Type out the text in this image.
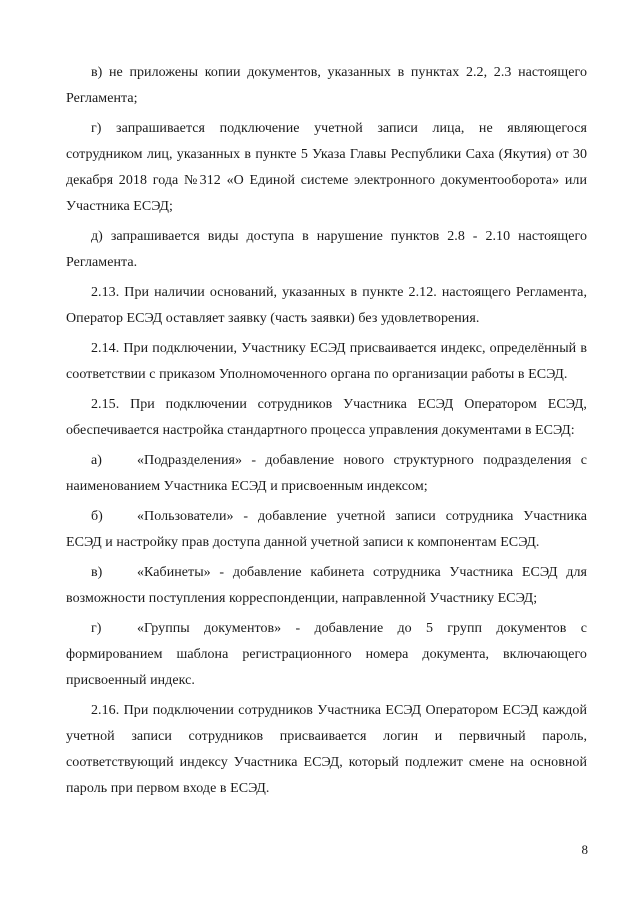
в) не приложены копии документов, указанных в пунктах 2.2, 2.3 настоящего Регламента;

г) запрашивается подключение учетной записи лица, не являющегося сотрудником лиц, указанных в пункте 5 Указа Главы Республики Саха (Якутия) от 30 декабря 2018 года №312 «О Единой системе электронного документооборота» или Участника ЕСЭД;

д) запрашивается виды доступа в нарушение пунктов 2.8 - 2.10 настоящего Регламента.

2.13. При наличии оснований, указанных в пункте 2.12. настоящего Регламента, Оператор ЕСЭД оставляет заявку (часть заявки) без удовлетворения.

2.14. При подключении, Участнику ЕСЭД присваивается индекс, определённый в соответствии с приказом Уполномоченного органа по организации работы в ЕСЭД.

2.15. При подключении сотрудников Участника ЕСЭД Оператором ЕСЭД, обеспечивается настройка стандартного процесса управления документами в ЕСЭД:

а)	«Подразделения» - добавление нового структурного подразделения с наименованием Участника ЕСЭД и присвоенным индексом;

б) «Пользователи» - добавление учетной записи сотрудника Участника ЕСЭД и настройку прав доступа данной учетной записи к компонентам ЕСЭД.

в) «Кабинеты» - добавление кабинета сотрудника Участника ЕСЭД для возможности поступления корреспонденции, направленной Участнику ЕСЭД;

г)	«Группы документов» - добавление до 5 групп документов с формированием шаблона регистрационного номера документа, включающего присвоенный индекс.

2.16. При подключении сотрудников Участника ЕСЭД Оператором ЕСЭД каждой учетной записи сотрудников присваивается логин и первичный пароль, соответствующий индексу Участника ЕСЭД, который подлежит смене на основной пароль при первом входе в ЕСЭД.

8
